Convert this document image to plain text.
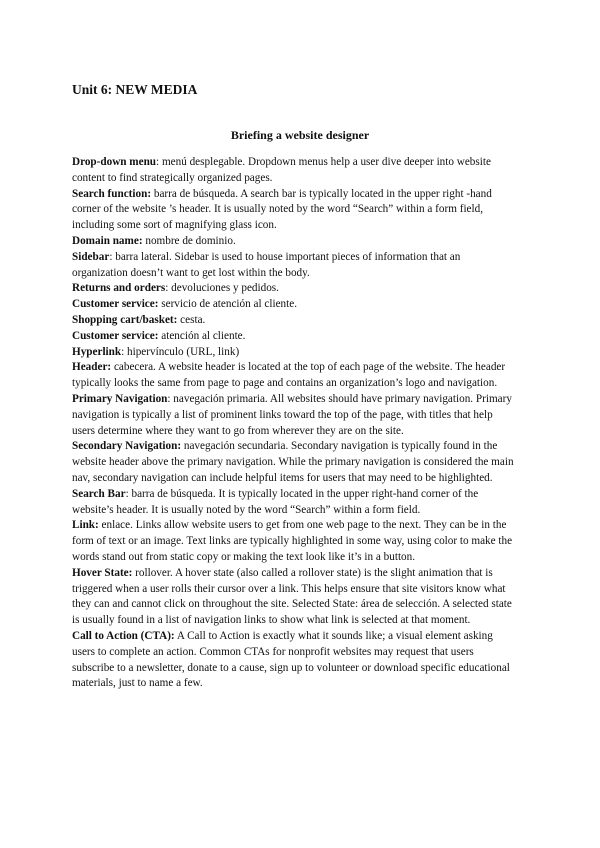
Unit 6: NEW MEDIA
Briefing a website designer

Drop-down menu: menú desplegable. Dropdown menus help a user dive deeper into website content to find strategically organized pages.

Search function: barra de búsqueda. A search bar is typically located in the upper right -hand corner of the website ’s header. It is usually noted by the word “Search” within a form field, including some sort of magnifying glass icon.

Domain name: nombre de dominio.

Sidebar: barra lateral. Sidebar is used to house important pieces of information that an organization doesn’t want to get lost within the body.

Returns and orders: devoluciones y pedidos.

Customer service: servicio de atención al cliente.

Shopping cart/basket: cesta.

Customer service: atención al cliente.

Hyperlink: hipervínculo (URL, link)

Header: cabecera. A website header is located at the top of each page of the website. The header typically looks the same from page to page and contains an organization’s logo and navigation.

Primary Navigation: navegación primaria. All websites should have primary navigation. Primary navigation is typically a list of prominent links toward the top of the page, with titles that help users determine where they want to go from wherever they are on the site.

Secondary Navigation: navegación secundaria. Secondary navigation is typically found in the website header above the primary navigation. While the primary navigation is considered the main nav, secondary navigation can include helpful items for users that may need to be highlighted.

Search Bar: barra de búsqueda. It is typically located in the upper right-hand corner of the website’s header. It is usually noted by the word “Search” within a form field.

Link: enlace. Links allow website users to get from one web page to the next. They can be in the form of text or an image. Text links are typically highlighted in some way, using color to make the words stand out from static copy or making the text look like it’s in a button.

Hover State: rollover. A hover state (also called a rollover state) is the slight animation that is triggered when a user rolls their cursor over a link. This helps ensure that site visitors know what they can and cannot click on throughout the site. Selected State: área de selección. A selected state is usually found in a list of navigation links to show what link is selected at that moment.

Call to Action (CTA): A Call to Action is exactly what it sounds like; a visual element asking users to complete an action. Common CTAs for nonprofit websites may request that users subscribe to a newsletter, donate to a cause, sign up to volunteer or download specific educational materials, just to name a few.
